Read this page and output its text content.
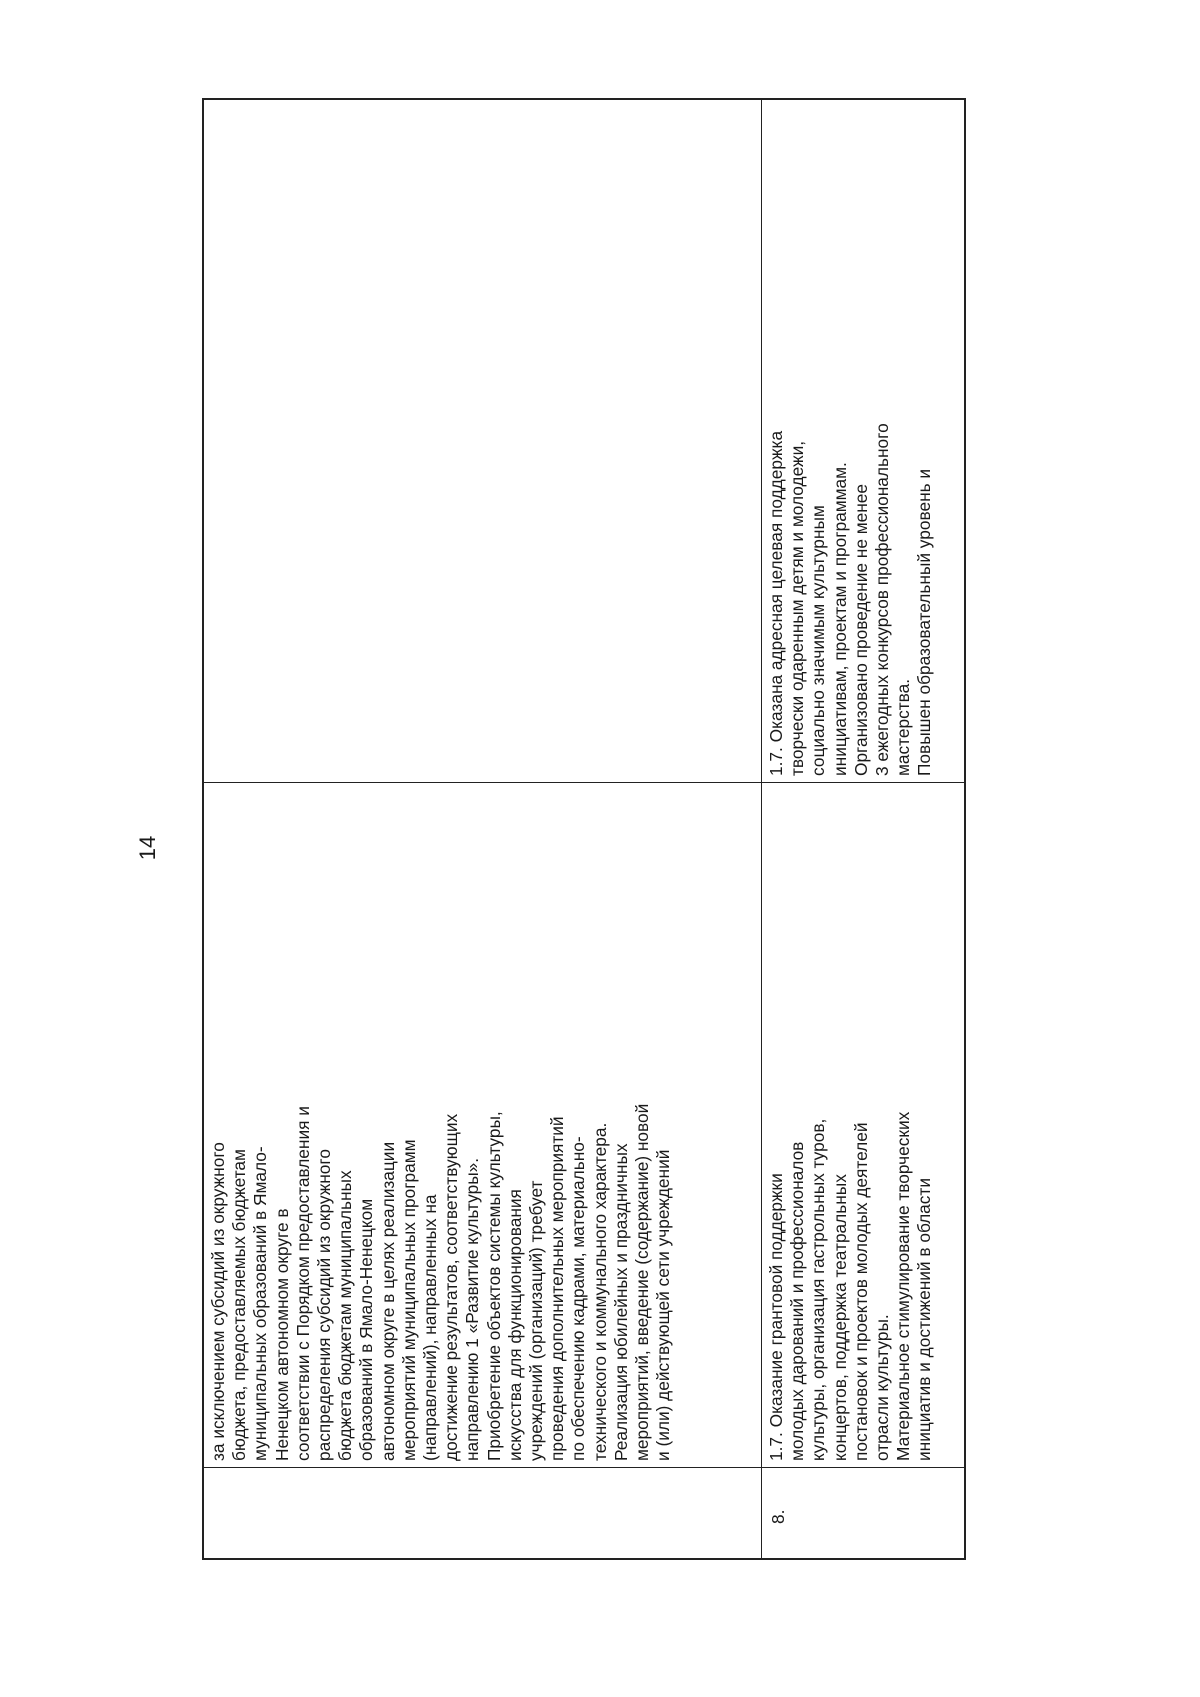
14
за исключением субсидий из окружного бюджета, предоставляемых бюджетам муниципальных образований в Ямало- Ненецком автономном округе в соответствии с Порядком предоставления и распределения субсидий из окружного бюджета бюджетам муниципальных образований в Ямало-Ненецком автономном округе в целях реализации мероприятий муниципальных программ (направлений), направленных на достижение результатов, соответствующих направлению 1 «Развитие культуры». Приобретение объектов системы культуры, искусства для функционирования учреждений (организаций) требует проведения дополнительных мероприятий по обеспечению кадрами, материально- технического и коммунального характера. Реализация юбилейных и праздничных мероприятий, введение (содержание) новой и (или) действующей сети учреждений
8.
1.7. Оказание грантовой поддержки молодых дарований и профессионалов культуры, организация гастрольных туров, концертов, поддержка театральных постановок и проектов молодых деятелей отрасли культуры. Материальное стимулирование творческих инициатив и достижений в области
1.7. Оказана адресная целевая поддержка творчески одаренным детям и молодежи, социально значимым культурным инициативам, проектам и программам. Организовано проведение не менее 3 ежегодных конкурсов профессионального мастерства. Повышен образовательный уровень и
